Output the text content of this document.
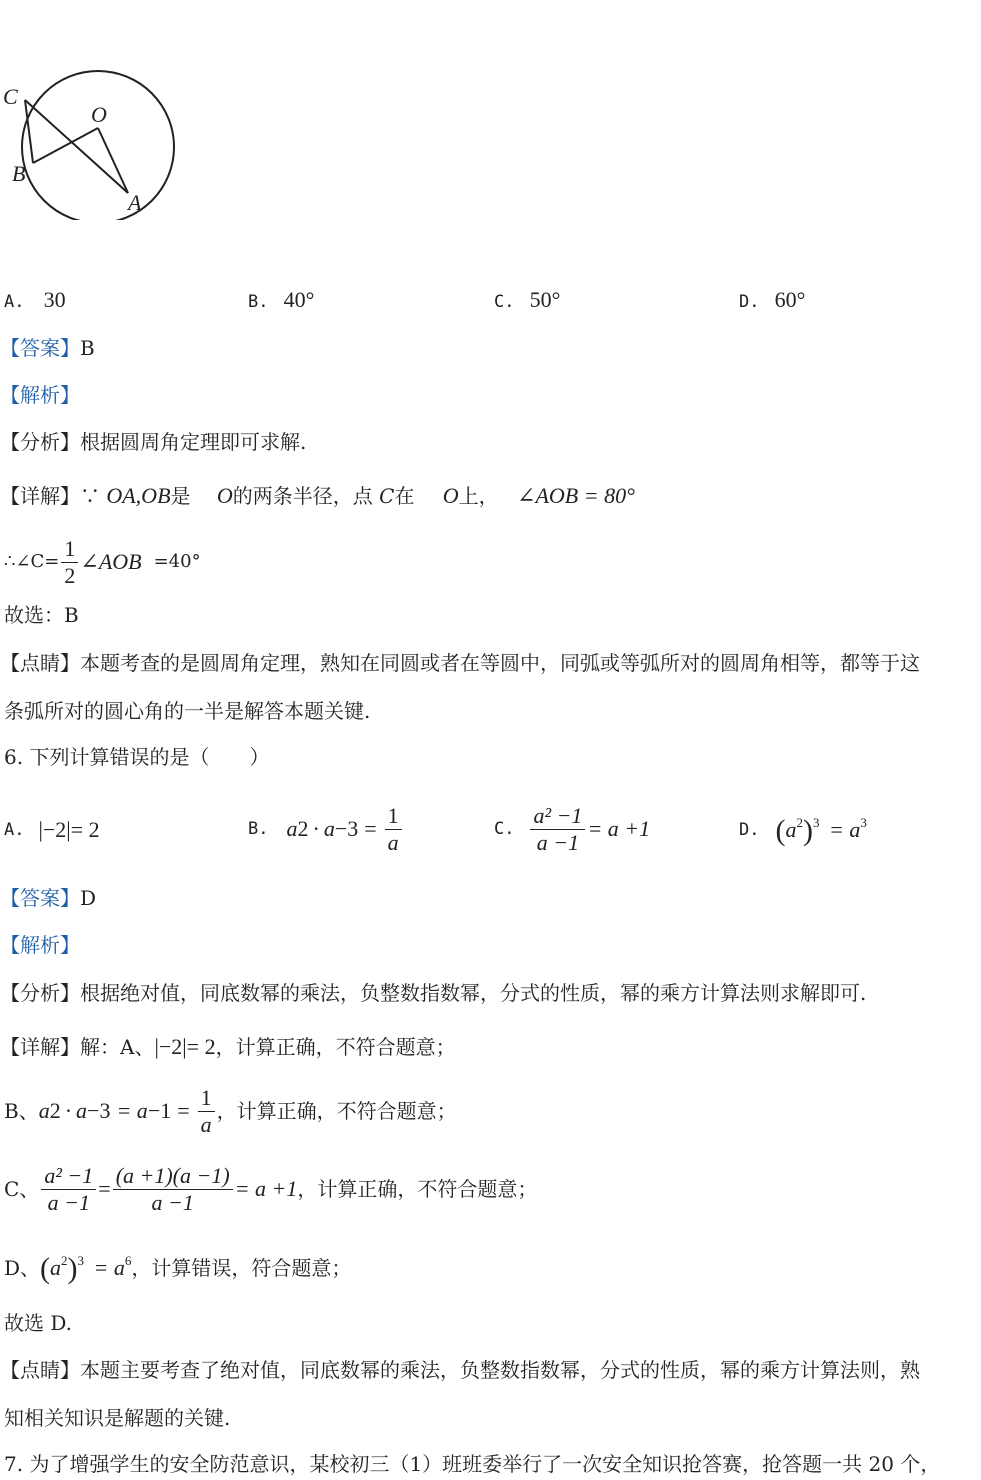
C
O
B
A
A. 30	B. 40°	C. 50°	D. 60°
【答案】B
【解析】
【分析】根据圆周角定理即可求解.
【详解】∵ OA,OB是 O的两条半径，点 C在 O上， ∠AOB = 80°
∴∠C= $\frac{1}{2}$ ∠AOB =40°
故选：B
【点睛】本题考查的是圆周角定理，熟知在同圆或者在等圆中，同弧或等弧所对的圆周角相等，都等于这
条弧所对的圆心角的一半是解答本题关键.
6. 下列计算错误的是（　　）
A. |−2|= 2	B. a $2 \cdot a -3 = \frac{1}{a}$	C. $\frac{\text{a² −1}}{a -1} = a +1$	D. $(a^2)^3 = a^3$
【答案】D
【解析】
【分析】根据绝对值，同底数幂的乘法，负整数指数幂，分式的性质，幂的乘方计算法则求解即可.
【详解】解：A、|−2|= 2，计算正确，不符合题意；
B、 a $2 \cdot a -3 = a -1 = \frac{1}{a}$ ，计算正确，不符合题意；
C、 $\frac{\text{a² −1}}{a -1} = \frac{(a +1)(a -1)}{a -1} = a +1$ ，计算正确，不符合题意；
D、 $(a^2)^3 = a^6$ ，计算错误，符合题意；
故选 D.
【点睛】本题主要考查了绝对值，同底数幂的乘法，负整数指数幂，分式的性质，幂的乘方计算法则，熟
知相关知识是解题的关键.
7. 为了增强学生的安全防范意识，某校初三（1）班班委举行了一次安全知识抢答赛，抢答题一共 20 个，
